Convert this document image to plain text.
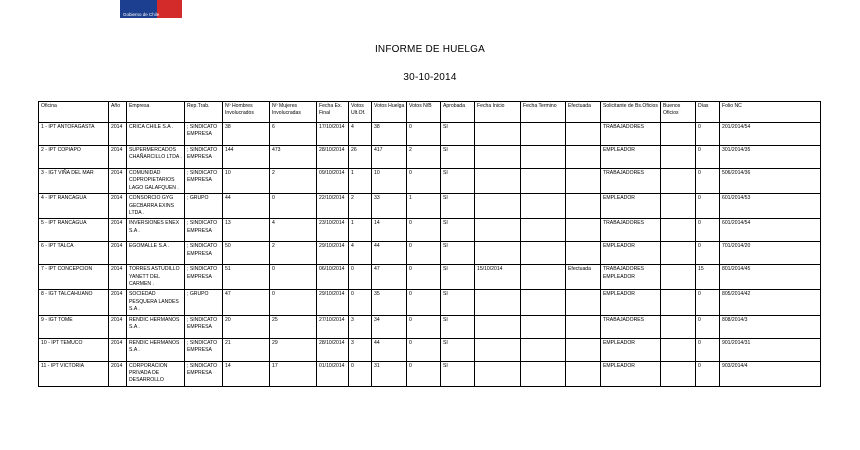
Gobierno de Chile
INFORME DE HUELGA
30-10-2014
Oficina	Año	Empresa	Rep.Trab.	Nº Hombres Involucrados	Nº Mujeres Involucradas	Fecha Ex. Final	Votos Ult.Of.	Votos Huelga	Votos N/B	Aprobada	Fecha Inicio	Fecha Termino	Efectuada	Solicitante de Bs.Oficios	Buenos Oficios	Días	Folio NC
1 - IPT ANTOFAGASTA	2014	CRICA CHILE S.A .	; SINDICATO EMPRESA	38	6	17/10/2014	4	38	0	SI				TRABAJADORES		0	201/2014/54
2 - IPT COPIAPO	2014	SUPERMERCADOS CHAÑARCILLO LTDA .	; SINDICATO EMPRESA	144	473	28/10/2014	26	417	2	SI				EMPLEADOR		0	301/2014/35
3 - IGT VIÑA DEL MAR	2014	COMUNIDAD COPROPIETARIOS LAGO GALAFQUEN .	; SINDICATO EMPRESA	10	2	09/10/2014	1	10	0	SI				TRABAJADORES		0	506/2014/36
4 - IPT RANCAGUA	2014	CONSORCIO GYG GECBARRA EXINS LTDA .	; GRUPO	44	0	22/10/2014	2	33	1	SI				EMPLEADOR		0	601/2014/53
5 - IPT RANCAGUA	2014	INVERSIONES ENEX S.A .	; SINDICATO EMPRESA	13	4	23/10/2014	1	14	0	SI				TRABAJADORES		0	601/2014/54
6 - IPT TALCA	2014	EGOMALLE S.A .	; SINDICATO EMPRESA	50	2	29/10/2014	4	44	0	SI				EMPLEADOR		0	701/2014/20
7 - IPT CONCEPCION	2014	TORRES ASTUDILLO YANETT DEL CARMEN .	; SINDICATO EMPRESA	51	0	06/10/2014	0	47	0	SI	15/10/2014		Efectuada	TRABAJADORES EMPLEADOR		15	801/2014/45
8 - IGT TALCAHUANO	2014	SOCIEDAD PESQUERA LANDES S.A .	; GRUPO	47	0	29/10/2014	0	35	0	SI				EMPLEADOR		0	805/2014/42
9 - IGT TOME	2014	RENDIC HERMANOS S.A .	; SINDICATO EMPRESA	20	25	27/10/2014	3	34	0	SI				TRABAJADORES		0	808/2014/3
10 - IPT TEMUCO	2014	RENDIC HERMANOS S.A .	; SINDICATO EMPRESA	21	29	28/10/2014	3	44	0	SI				EMPLEADOR		0	901/2014/31
11 - IPT VICTORIA	2014	CORPORACION PRIVADA DE DESARROLLO	; SINDICATO EMPRESA	14	17	01/10/2014	0	31	0	SI				EMPLEADOR		0	903/2014/4
